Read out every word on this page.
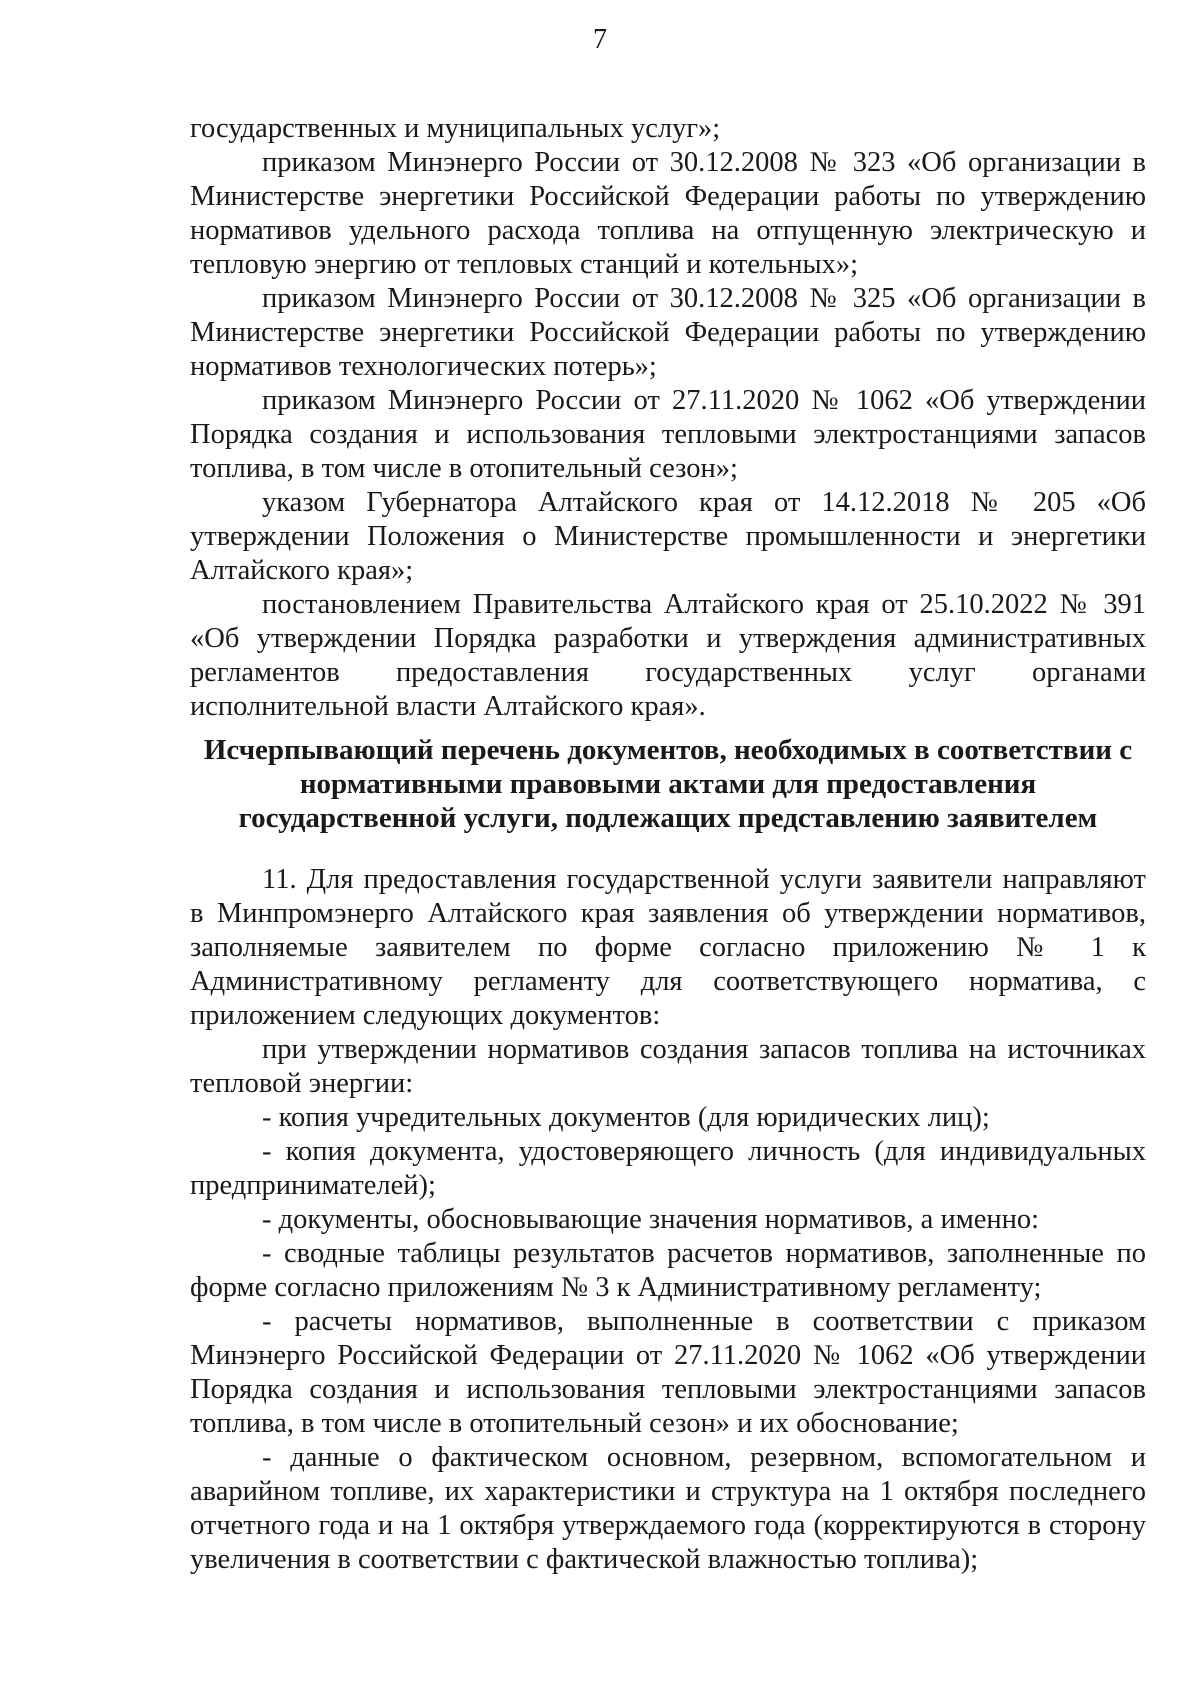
7

государственных и муниципальных услуг»;

приказом Минэнерго России от 30.12.2008 № 323 «Об организации в Министерстве энергетики Российской Федерации работы по утверждению нормативов удельного расхода топлива на отпущенную электрическую и тепловую энергию от тепловых станций и котельных»;

приказом Минэнерго России от 30.12.2008 № 325 «Об организации в Министерстве энергетики Российской Федерации работы по утверждению нормативов технологических потерь»;

приказом Минэнерго России от 27.11.2020 № 1062 «Об утверждении Порядка создания и использования тепловыми электростанциями запасов топлива, в том числе в отопительный сезон»;

указом Губернатора Алтайского края от 14.12.2018 № 205 «Об утверждении Положения о Министерстве промышленности и энергетики Алтайского края»;

постановлением Правительства Алтайского края от 25.10.2022 № 391 «Об утверждении Порядка разработки и утверждения административных регламентов предоставления государственных услуг органами исполнительной власти Алтайского края».

Исчерпывающий перечень документов, необходимых в соответствии с нормативными правовыми актами для предоставления государственной услуги, подлежащих представлению заявителем

11. Для предоставления государственной услуги заявители направляют в Минпромэнерго Алтайского края заявления об утверждении нормативов, заполняемые заявителем по форме согласно приложению № 1 к Административному регламенту для соответствующего норматива, с приложением следующих документов:

при утверждении нормативов создания запасов топлива на источниках тепловой энергии:

- копия учредительных документов (для юридических лиц);

- копия документа, удостоверяющего личность (для индивидуальных предпринимателей);

- документы, обосновывающие значения нормативов, а именно:

- сводные таблицы результатов расчетов нормативов, заполненные по форме согласно приложениям № 3 к Административному регламенту;

- расчеты нормативов, выполненные в соответствии с приказом Минэнерго Российской Федерации от 27.11.2020 № 1062 «Об утверждении Порядка создания и использования тепловыми электростанциями запасов топлива, в том числе в отопительный сезон» и их обоснование;

- данные о фактическом основном, резервном, вспомогательном и аварийном топливе, их характеристики и структура на 1 октября последнего отчетного года и на 1 октября утверждаемого года (корректируются в сторону увеличения в соответствии с фактической влажностью топлива);
